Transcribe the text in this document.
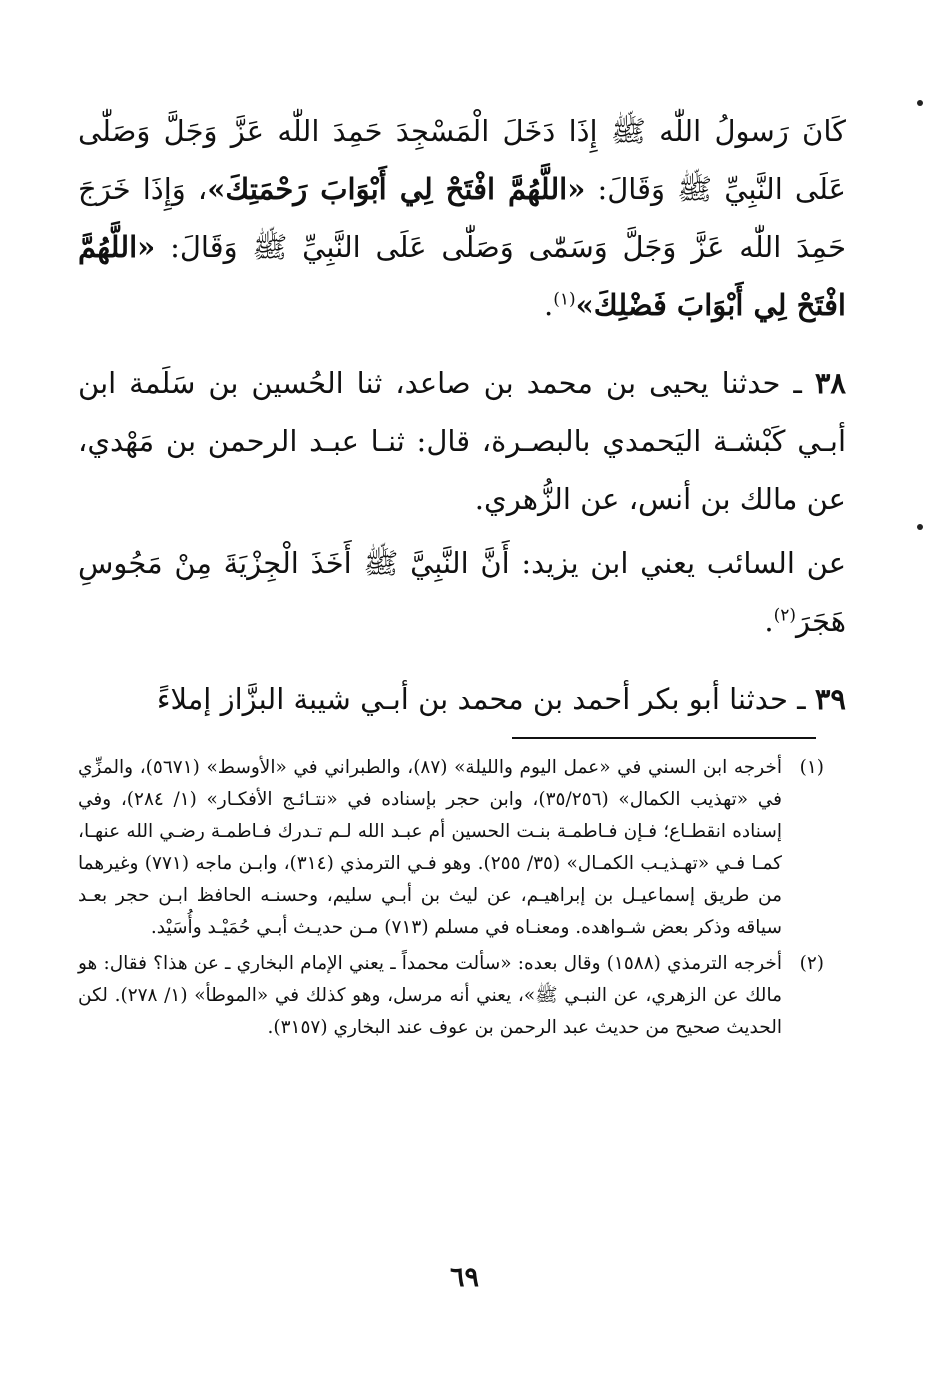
كَانَ رَسولُ اللّٰه ﷺ إِذَا دَخَلَ الْمَسْجِدَ حَمِدَ اللّٰه عَزَّ وَجَلَّ وَصَلّٰى عَلَى النَّبِيِّ ﷺ وَقَالَ: «اللَّهُمَّ افْتَحْ لِي أَبْوَابَ رَحْمَتِكَ»، وَإِذَا خَرَجَ حَمِدَ اللّٰه عَزَّ وَجَلَّ وَسَمّٰى وَصَلّٰى عَلَى النَّبِيِّ ﷺ وَقَالَ: «اللَّهُمَّ افْتَحْ لِي أَبْوَابَ فَضْلِكَ»$^{(١)}$.

٣٨ ـ حدثنا يحيى بن محمد بن صاعد، ثنا الحُسين بن سَلَمة ابن أبـي كَبْشـة اليَحمدي بالبصـرة، قال: ثنـا عبـد الرحمن بن مَهْدي، عن مالك بن أنس، عن الزُّهري.

عن السائب يعني ابن يزيد: أَنَّ النَّبِيَّ ﷺ أَخَذَ الْجِزْيَةَ مِنْ مَجُوسِ هَجَرَ$^{(٢)}$.

٣٩ ـ حدثنا أبو بكر أحمد بن محمد بن أبـي شيبة البزَّاز إملاءً

(١)
أخرجه ابن السني في «عمل اليوم والليلة» (٨٧)، والطبراني في «الأوسط» (٥٦٧١)، والمزِّي في «تهذيب الكمال» (٣٥/٢٥٦)، وابن حجر بإسناده في «نتـائـج الأفكـار» (١/ ٢٨٤)، وفي إسناده انقطـاع؛ فـإن فـاطمـة بنـت الحسين أم عبـد الله لـم تـدرك فـاطمـة رضـي الله عنهـا، كمـا فـي «تهـذيـب الكمـال» (٣٥/ ٢٥٥). وهو فـي الترمذي (٣١٤)، وابـن ماجه (٧٧١) وغيرهما من طريق إسماعيـل بن إبراهيـم، عن ليث بن أبـي سليم، وحسنـه الحافظ ابـن حجر بعـد سياقه وذكر بعض شـواهده. ومعنـاه في مسلم (٧١٣) مـن حديـث أبـي حُمَيْـد وأُسَيْد.
(٢)
أخرجه الترمذي (١٥٨٨) وقال بعده: «سألت محمداً ـ يعني الإمام البخاري ـ عن هذا؟ فقال: هو مالك عن الزهري، عن النبـي ﷺ»، يعني أنه مرسل، وهو كذلك في «الموطأ» (١/ ٢٧٨). لكن الحديث صحيح من حديث عبد الرحمن بن عوف عند البخاري (٣١٥٧).
٦٩
